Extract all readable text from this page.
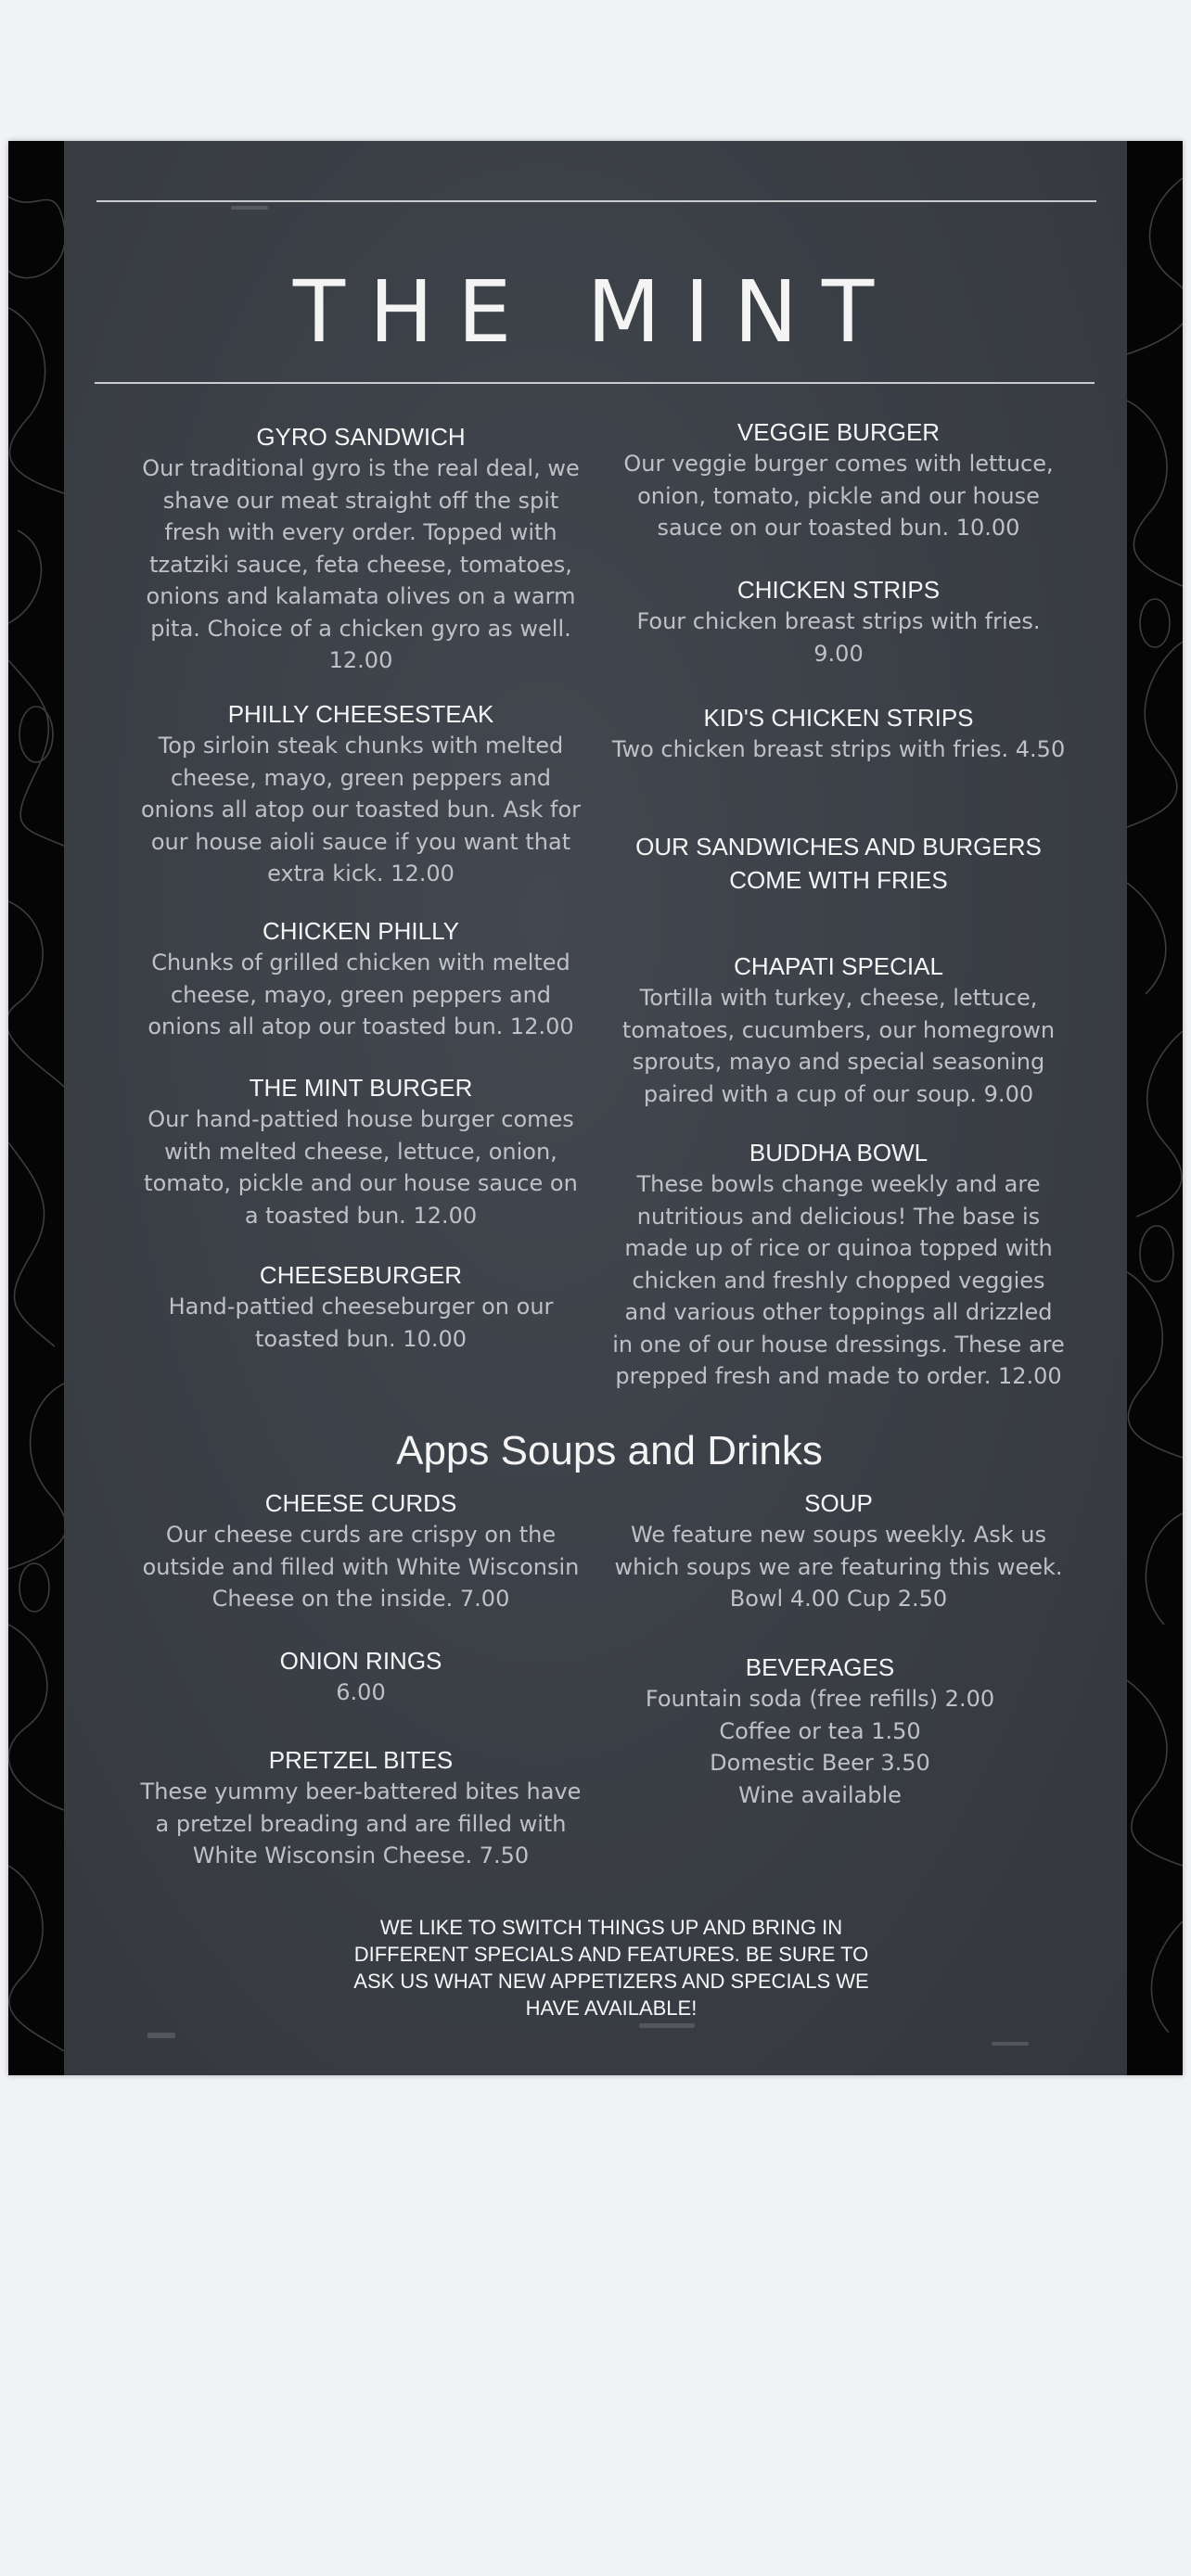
THE MINT
GYRO SANDWICH

Our traditional gyro is the real deal, we shave our meat straight off the spit fresh with every order. Topped with tzatziki sauce, feta cheese, tomatoes, onions and kalamata olives on a warm pita. Choice of a chicken gyro as well. 12.00

PHILLY CHEESESTEAK

Top sirloin steak chunks with melted cheese, mayo, green peppers and onions all atop our toasted bun. Ask for our house aioli sauce if you want that extra kick. 12.00

CHICKEN PHILLY

Chunks of grilled chicken with melted cheese, mayo, green peppers and onions all atop our toasted bun. 12.00

THE MINT BURGER

Our hand-pattied house burger comes with melted cheese, lettuce, onion, tomato, pickle and our house sauce on a toasted bun. 12.00

CHEESEBURGER

Hand-pattied cheeseburger on our toasted bun. 10.00

VEGGIE BURGER

Our veggie burger comes with lettuce, onion, tomato, pickle and our house sauce on our toasted bun. 10.00

CHICKEN STRIPS

Four chicken breast strips with fries. 9.00

KID'S CHICKEN STRIPS

Two chicken breast strips with fries. 4.50

OUR SANDWICHES AND BURGERS COME WITH FRIES
CHAPATI SPECIAL

Tortilla with turkey, cheese, lettuce, tomatoes, cucumbers, our homegrown sprouts, mayo and special seasoning paired with a cup of our soup. 9.00

BUDDHA BOWL

These bowls change weekly and are nutritious and delicious! The base is made up of rice or quinoa topped with chicken and freshly chopped veggies and various other toppings all drizzled in one of our house dressings. These are prepped fresh and made to order. 12.00

Apps Soups and Drinks
CHEESE CURDS

Our cheese curds are crispy on the outside and filled with White Wisconsin Cheese on the inside. 7.00

ONION RINGS

6.00

PRETZEL BITES

These yummy beer-battered bites have a pretzel breading and are filled with White Wisconsin Cheese. 7.50

SOUP

We feature new soups weekly. Ask us which soups we are featuring this week. Bowl 4.00 Cup 2.50

BEVERAGES

Fountain soda (free refills) 2.00

Coffee or tea 1.50

Domestic Beer 3.50

Wine available

WE LIKE TO SWITCH THINGS UP AND BRING IN DIFFERENT SPECIALS AND FEATURES. BE SURE TO ASK US WHAT NEW APPETIZERS AND SPECIALS WE HAVE AVAILABLE!
